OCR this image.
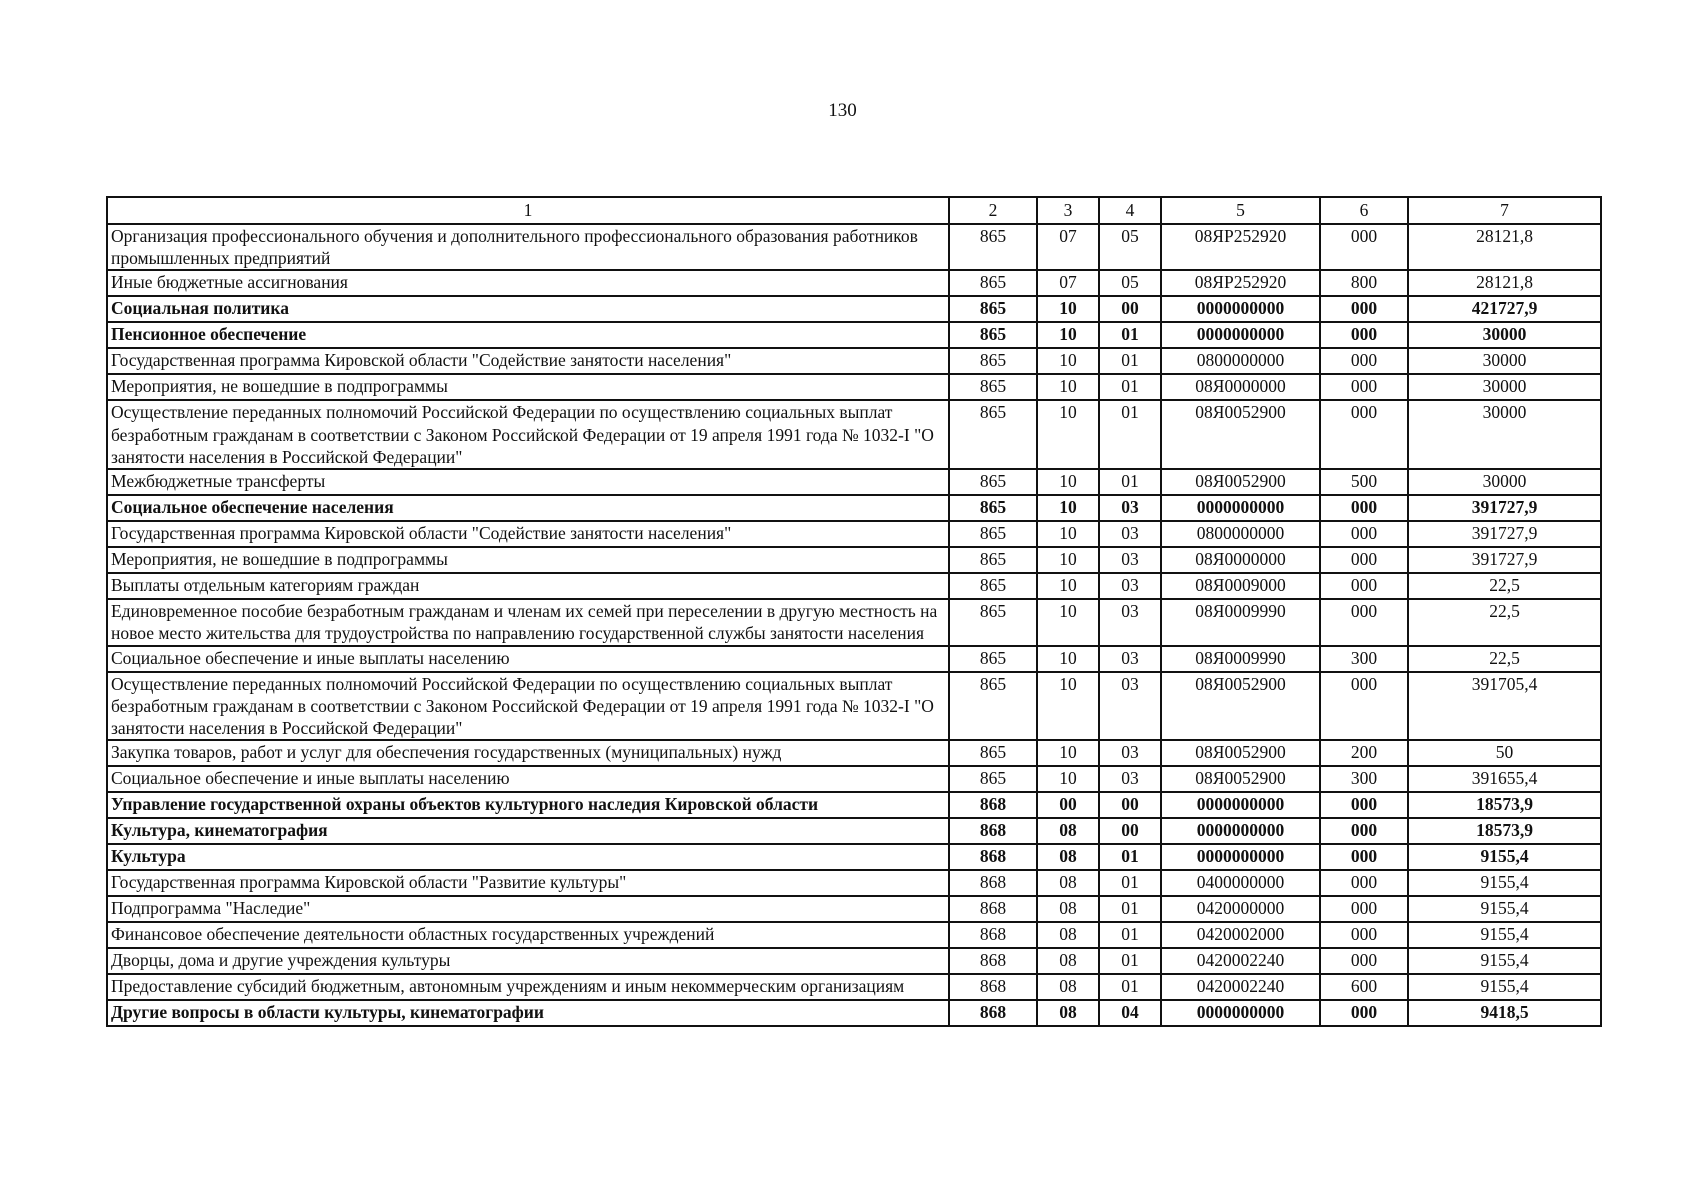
130
1	2	3	4	5	6	7
Организация профессионального обучения и дополнительного профессионального образования работников промышленных предприятий	865	07	05	08ЯР252920	000	28121,8
Иные бюджетные ассигнования	865	07	05	08ЯР252920	800	28121,8
Социальная политика	865	10	00	0000000000	000	421727,9
Пенсионное обеспечение	865	10	01	0000000000	000	30000
Государственная программа Кировской области "Содействие занятости населения"	865	10	01	0800000000	000	30000
Мероприятия, не вошедшие в подпрограммы	865	10	01	08Я0000000	000	30000
Осуществление переданных полномочий Российской Федерации по осуществлению социальных выплат безработным гражданам в соответствии с Законом Российской Федерации от 19 апреля 1991 года № 1032-I "О занятости населения в Российской Федерации"	865	10	01	08Я0052900	000	30000
Межбюджетные трансферты	865	10	01	08Я0052900	500	30000
Социальное обеспечение населения	865	10	03	0000000000	000	391727,9
Государственная программа Кировской области "Содействие занятости населения"	865	10	03	0800000000	000	391727,9
Мероприятия, не вошедшие в подпрограммы	865	10	03	08Я0000000	000	391727,9
Выплаты отдельным категориям граждан	865	10	03	08Я0009000	000	22,5
Единовременное пособие безработным гражданам и членам их семей при переселении в другую местность на новое место жительства для трудоустройства по направлению государственной службы занятости населения	865	10	03	08Я0009990	000	22,5
Социальное обеспечение и иные выплаты населению	865	10	03	08Я0009990	300	22,5
Осуществление переданных полномочий Российской Федерации по осуществлению социальных выплат безработным гражданам в соответствии с Законом Российской Федерации от 19 апреля 1991 года № 1032-I "О занятости населения в Российской Федерации"	865	10	03	08Я0052900	000	391705,4
Закупка товаров, работ и услуг для обеспечения государственных (муниципальных) нужд	865	10	03	08Я0052900	200	50
Социальное обеспечение и иные выплаты населению	865	10	03	08Я0052900	300	391655,4
Управление государственной охраны объектов культурного наследия Кировской области	868	00	00	0000000000	000	18573,9
Культура, кинематография	868	08	00	0000000000	000	18573,9
Культура	868	08	01	0000000000	000	9155,4
Государственная программа Кировской области "Развитие культуры"	868	08	01	0400000000	000	9155,4
Подпрограмма "Наследие"	868	08	01	0420000000	000	9155,4
Финансовое обеспечение деятельности областных государственных учреждений	868	08	01	0420002000	000	9155,4
Дворцы, дома и другие учреждения культуры	868	08	01	0420002240	000	9155,4
Предоставление субсидий бюджетным, автономным учреждениям и иным некоммерческим организациям	868	08	01	0420002240	600	9155,4
Другие вопросы в области культуры, кинематографии	868	08	04	0000000000	000	9418,5
